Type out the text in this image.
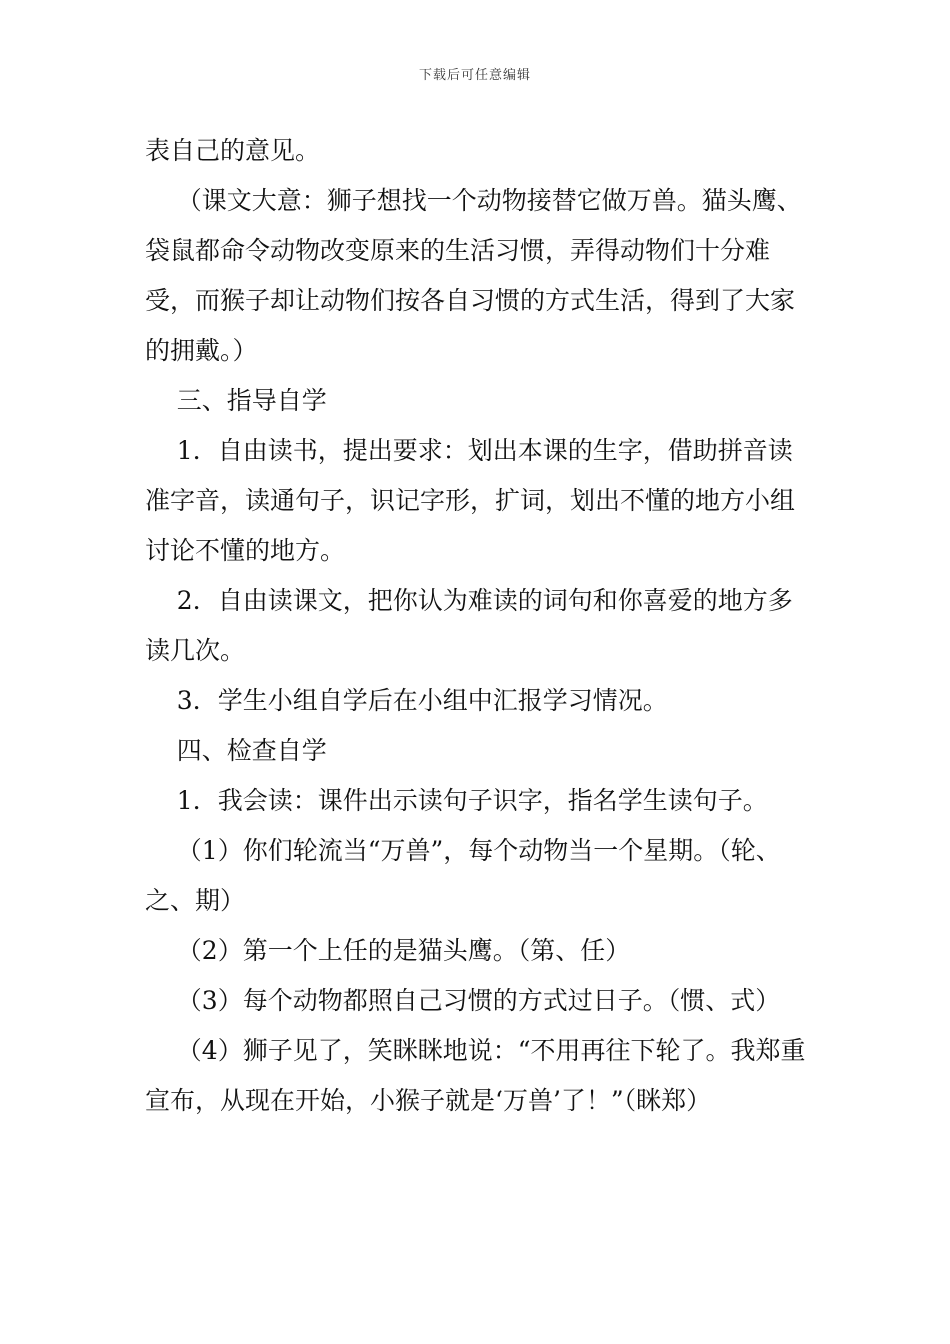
下载后可任意编辑

表自己的意见。

（课文大意：狮子想找一个动物接替它做万兽。猫头鹰、袋鼠都命令动物改变原来的生活习惯，弄得动物们十分难受，而猴子却让动物们按各自习惯的方式生活，得到了大家的拥戴。）

三、指导自学

1．自由读书，提出要求：划出本课的生字，借助拼音读准字音，读通句子，识记字形，扩词，划出不懂的地方小组讨论不懂的地方。

2．自由读课文，把你认为难读的词句和你喜爱的地方多读几次。

3．学生小组自学后在小组中汇报学习情况。

四、检查自学

1．我会读：课件出示读句子识字，指名学生读句子。

（1）你们轮流当“万兽”，每个动物当一个星期。（轮、之、期）

（2）第一个上任的是猫头鹰。（第、任）

（3）每个动物都照自己习惯的方式过日子。（惯、式）

（4）狮子见了，笑眯眯地说：“不用再往下轮了。我郑重宣布，从现在开始，小猴子就是‘万兽’了！”（眯郑）
